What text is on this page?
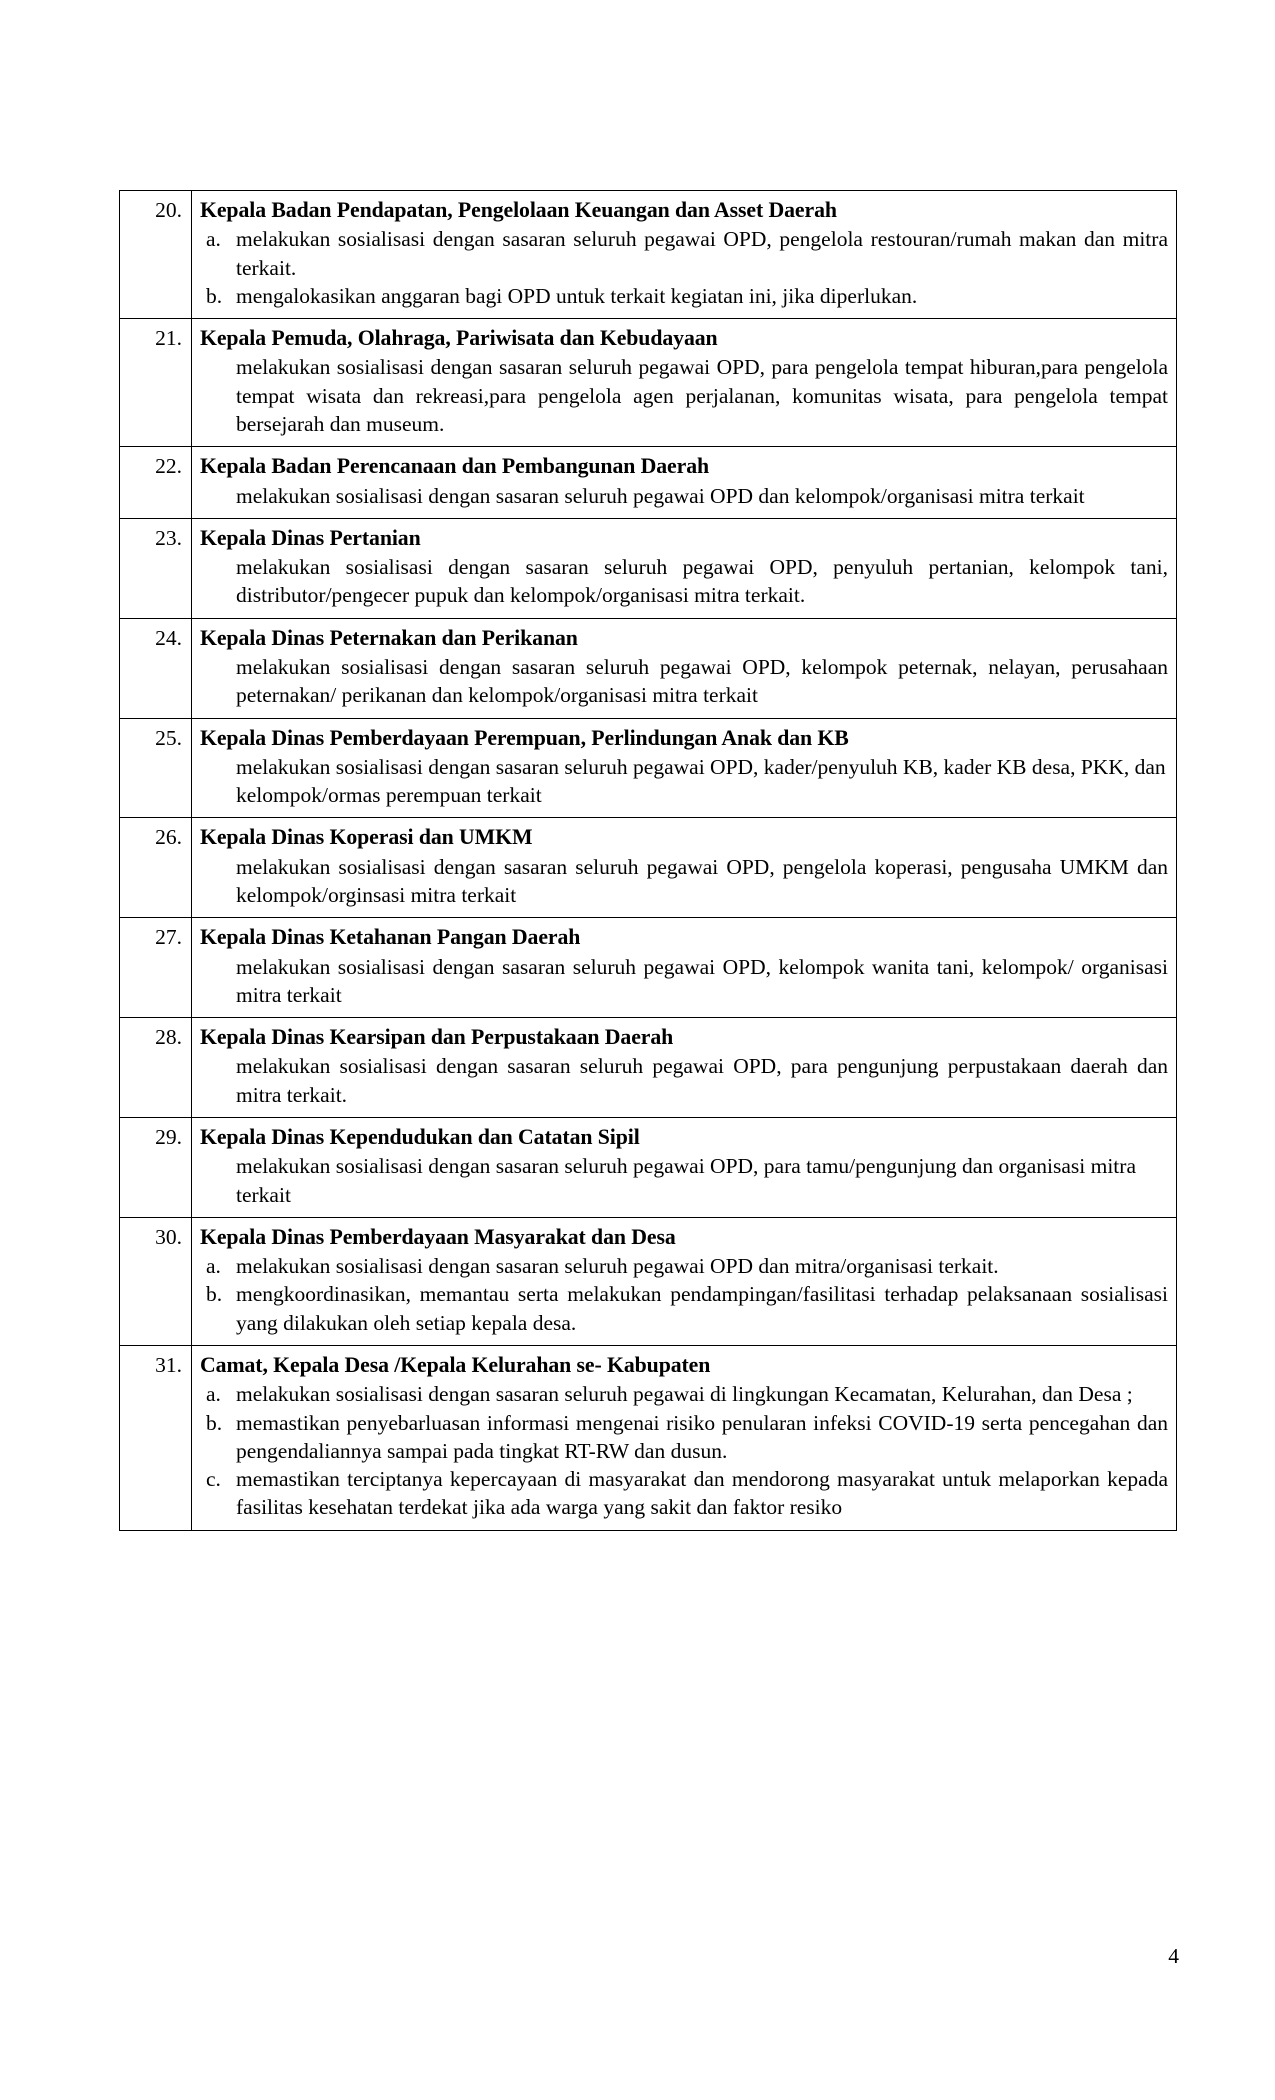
20.	Kepala Badan Pendapatan, Pengelolaan Keuangan dan Asset Daerah
a. melakukan sosialisasi dengan sasaran seluruh pegawai OPD, pengelola restouran/rumah makan dan mitra terkait.
b. mengalokasikan anggaran bagi OPD untuk terkait kegiatan ini, jika diperlukan.

21.	Kepala Pemuda, Olahraga, Pariwisata dan Kebudayaan

melakukan sosialisasi dengan sasaran seluruh pegawai OPD, para pengelola tempat hiburan,para pengelola tempat wisata dan rekreasi,para pengelola agen perjalanan, komunitas wisata, para pengelola tempat bersejarah dan museum.

22.	Kepala Badan Perencanaan dan Pembangunan Daerah

melakukan sosialisasi dengan sasaran seluruh pegawai OPD dan kelompok/organisasi mitra terkait

23.	Kepala Dinas Pertanian

melakukan sosialisasi dengan sasaran seluruh pegawai OPD, penyuluh pertanian, kelompok tani, distributor/pengecer pupuk dan kelompok/organisasi mitra terkait.

24.	Kepala Dinas Peternakan dan Perikanan

melakukan sosialisasi dengan sasaran seluruh pegawai OPD, kelompok peternak, nelayan, perusahaan peternakan/ perikanan dan kelompok/organisasi mitra terkait

25.	Kepala Dinas Pemberdayaan Perempuan, Perlindungan Anak dan KB

melakukan sosialisasi dengan sasaran seluruh pegawai OPD, kader/penyuluh KB, kader KB desa, PKK, dan kelompok/ormas perempuan terkait

26.	Kepala Dinas Koperasi dan UMKM

melakukan sosialisasi dengan sasaran seluruh pegawai OPD, pengelola koperasi, pengusaha UMKM dan kelompok/orginsasi mitra terkait

27.	Kepala Dinas Ketahanan Pangan Daerah

melakukan sosialisasi dengan sasaran seluruh pegawai OPD, kelompok wanita tani, kelompok/ organisasi mitra terkait

28.	Kepala Dinas Kearsipan dan Perpustakaan Daerah

melakukan sosialisasi dengan sasaran seluruh pegawai OPD, para pengunjung perpustakaan daerah dan mitra terkait.

29.	Kepala Dinas Kependudukan dan Catatan Sipil

melakukan sosialisasi dengan sasaran seluruh pegawai OPD, para tamu/pengunjung dan organisasi mitra terkait

30.	Kepala Dinas Pemberdayaan Masyarakat dan Desa
a. melakukan sosialisasi dengan sasaran seluruh pegawai OPD dan mitra/organisasi terkait.
b. mengkoordinasikan, memantau serta melakukan pendampingan/fasilitasi terhadap pelaksanaan sosialisasi yang dilakukan oleh setiap kepala desa.

31.	Camat, Kepala Desa /Kepala Kelurahan se- Kabupaten
a. melakukan sosialisasi dengan sasaran seluruh pegawai di lingkungan Kecamatan, Kelurahan, dan Desa ;
b. memastikan penyebarluasan informasi mengenai risiko penularan infeksi COVID-19 serta pencegahan dan pengendaliannya sampai pada tingkat RT-RW dan dusun.
c. memastikan terciptanya kepercayaan di masyarakat dan mendorong masyarakat untuk melaporkan kepada fasilitas kesehatan terdekat jika ada warga yang sakit dan faktor resiko
4
